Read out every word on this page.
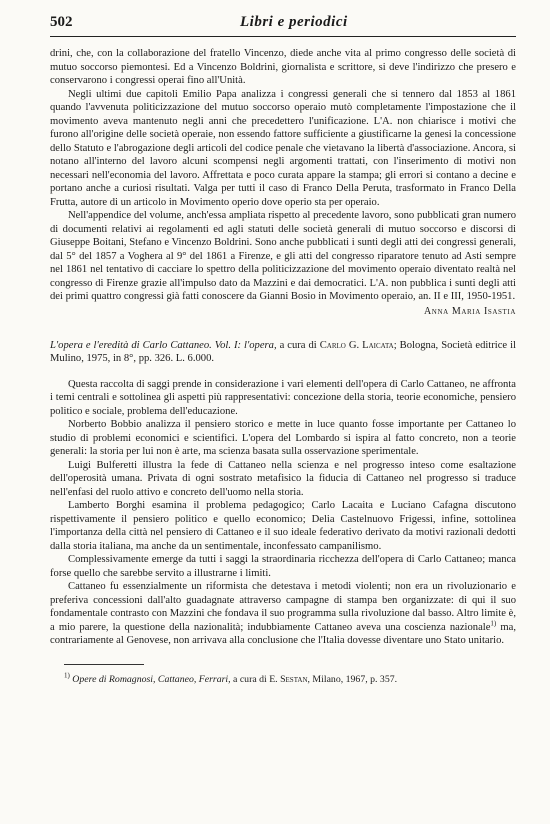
502	Libri e periodici

drini, che, con la collaborazione del fratello Vincenzo, diede anche vita al primo congresso delle società di mutuo soccorso piemontesi. Ed a Vincenzo Boldrini, giornalista e scrittore, si deve l'indirizzo che presero e conservarono i congressi operai fino all'Unità.

Negli ultimi due capitoli Emilio Papa analizza i congressi generali che si tennero dal 1853 al 1861 quando l'avvenuta politicizzazione del mutuo soccorso operaio mutò completamente l'impostazione che il movimento aveva mantenuto negli anni che precedettero l'unificazione. L'A. non chiarisce i motivi che furono all'origine delle società operaie, non essendo fattore sufficiente a giustificarne la genesi la concessione dello Statuto e l'abrogazione degli articoli del codice penale che vietavano la libertà d'associazione. Ancora, si notano all'interno del lavoro alcuni scompensi negli argomenti trattati, con l'inserimento di motivi non necessari nell'economia del lavoro. Affrettata e poco curata appare la stampa; gli errori si contano a decine e portano anche a curiosi risultati. Valga per tutti il caso di Franco Della Peruta, trasformato in Franco Della Frutta, autore di un articolo in Movimento operio dove operio sta per operaio.

Nell'appendice del volume, anch'essa ampliata rispetto al precedente lavoro, sono pubblicati gran numero di documenti relativi ai regolamenti ed agli statuti delle società generali di mutuo soccorso e discorsi di Giuseppe Boitani, Stefano e Vincenzo Boldrini. Sono anche pubblicati i sunti degli atti dei congressi generali, dal 5° del 1857 a Voghera al 9° del 1861 a Firenze, e gli atti del congresso riparatore tenuto ad Asti sempre nel 1861 nel tentativo di cacciare lo spettro della politicizzazione del movimento operaio diventato realtà nel congresso di Firenze grazie all'impulso dato da Mazzini e dai democratici. L'A. non pubblica i sunti degli atti dei primi quattro congressi già fatti conoscere da Gianni Bosio in Movimento operaio, an. II e III, 1950-1951.

Anna Maria Isastia
L'opera e l'eredità di Carlo Cattaneo. Vol. I: l'opera, a cura di Carlo G. Laicata; Bologna, Società editrice il Mulino, 1975, in 8°, pp. 326. L. 6.000.

Questa raccolta di saggi prende in considerazione i vari elementi dell'opera di Carlo Cattaneo, ne affronta i temi centrali e sottolinea gli aspetti più rappresentativi: concezione della storia, teorie economiche, pensiero politico e sociale, problema dell'educazione.

Norberto Bobbio analizza il pensiero storico e mette in luce quanto fosse importante per Cattaneo lo studio di problemi economici e scientifici. L'opera del Lombardo si ispira al fatto concreto, non a teorie generali: la storia per lui non è arte, ma scienza basata sulla osservazione sperimentale.

Luigi Bulferetti illustra la fede di Cattaneo nella scienza e nel progresso inteso come esaltazione dell'operosità umana. Privata di ogni sostrato metafisico la fiducia di Cattaneo nel progresso si traduce nell'enfasi del ruolo attivo e concreto dell'uomo nella storia.

Lamberto Borghi esamina il problema pedagogico; Carlo Lacaita e Luciano Cafagna discutono rispettivamente il pensiero politico e quello economico; Delia Castelnuovo Frigessi, infine, sottolinea l'importanza della città nel pensiero di Cattaneo e il suo ideale federativo derivato da motivi razionali dedotti dalla storia italiana, ma anche da un sentimentale, inconfessato campanilismo.

Complessivamente emerge da tutti i saggi la straordinaria ricchezza dell'opera di Carlo Cattaneo; manca forse quello che sarebbe servito a illustrarne i limiti.

Cattaneo fu essenzialmente un riformista che detestava i metodi violenti; non era un rivoluzionario e preferiva concessioni dall'alto guadagnate attraverso campagne di stampa ben organizzate: di qui il suo fondamentale contrasto con Mazzini che fondava il suo programma sulla rivoluzione dal basso. Altro limite è, a mio parere, la questione della nazionalità; indubbiamente Cattaneo aveva una coscienza nazionale$^{1)}$ ma, contrariamente al Genovese, non arrivava alla conclusione che l'Italia dovesse diventare uno Stato unitario.

$^{1)}$ Opere di Romagnosi, Cattaneo, Ferrari, a cura di E. Sestan, Milano, 1967, p. 357.
